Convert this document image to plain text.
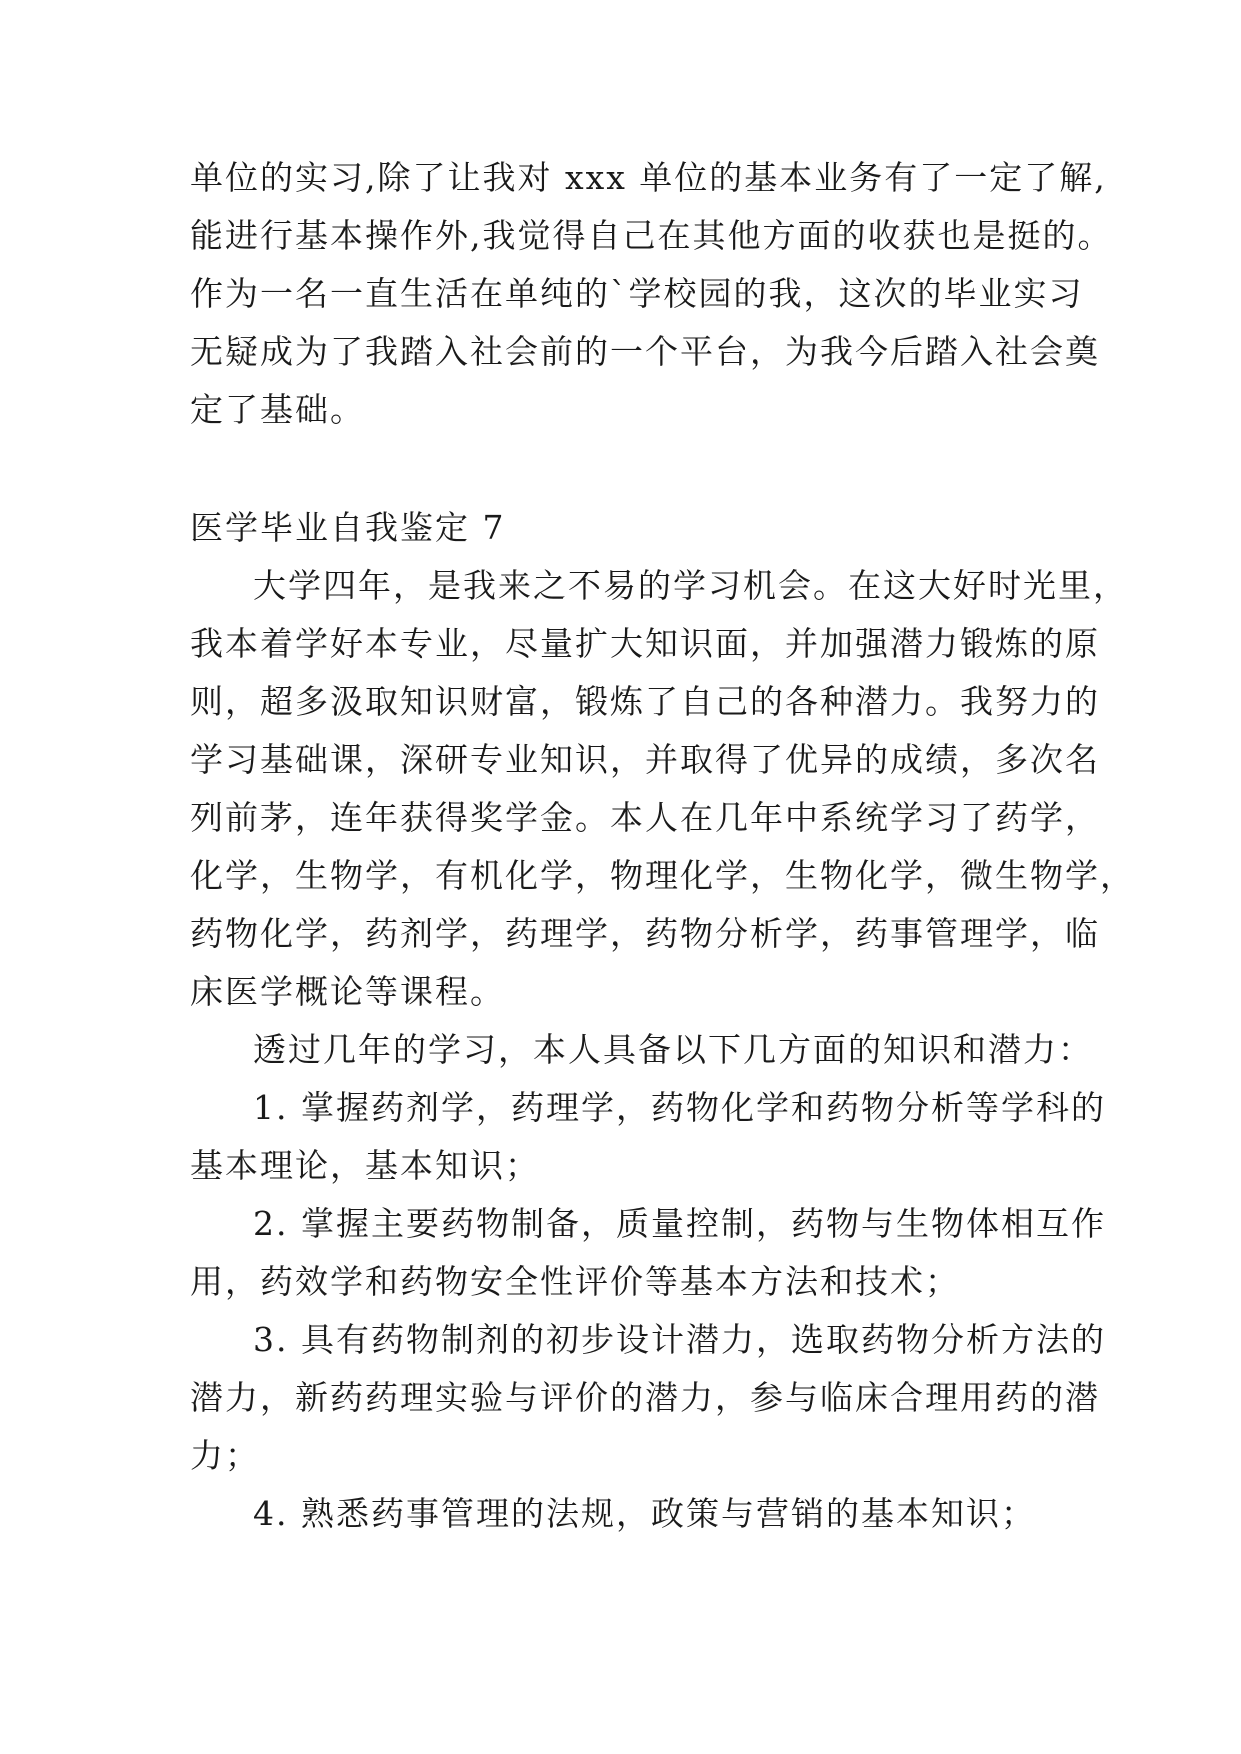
单位的实习,除了让我对 xxx 单位的基本业务有了一定了解,
能进行基本操作外,我觉得自己在其他方面的收获也是挺的。
作为一名一直生活在单纯的`学校园的我，这次的毕业实习
无疑成为了我踏入社会前的一个平台，为我今后踏入社会奠
定了基础。
医学毕业自我鉴定 7
大学四年，是我来之不易的学习机会。在这大好时光里，
我本着学好本专业，尽量扩大知识面，并加强潜力锻炼的原
则，超多汲取知识财富，锻炼了自己的各种潜力。我努力的
学习基础课，深研专业知识，并取得了优异的成绩，多次名
列前茅，连年获得奖学金。本人在几年中系统学习了药学，
化学，生物学，有机化学，物理化学，生物化学，微生物学，
药物化学，药剂学，药理学，药物分析学，药事管理学，临
床医学概论等课程。
透过几年的学习，本人具备以下几方面的知识和潜力：
1. 掌握药剂学，药理学，药物化学和药物分析等学科的
基本理论，基本知识；
2. 掌握主要药物制备，质量控制，药物与生物体相互作
用，药效学和药物安全性评价等基本方法和技术；
3. 具有药物制剂的初步设计潜力，选取药物分析方法的
潜力，新药药理实验与评价的潜力，参与临床合理用药的潜
力；
4. 熟悉药事管理的法规，政策与营销的基本知识；
